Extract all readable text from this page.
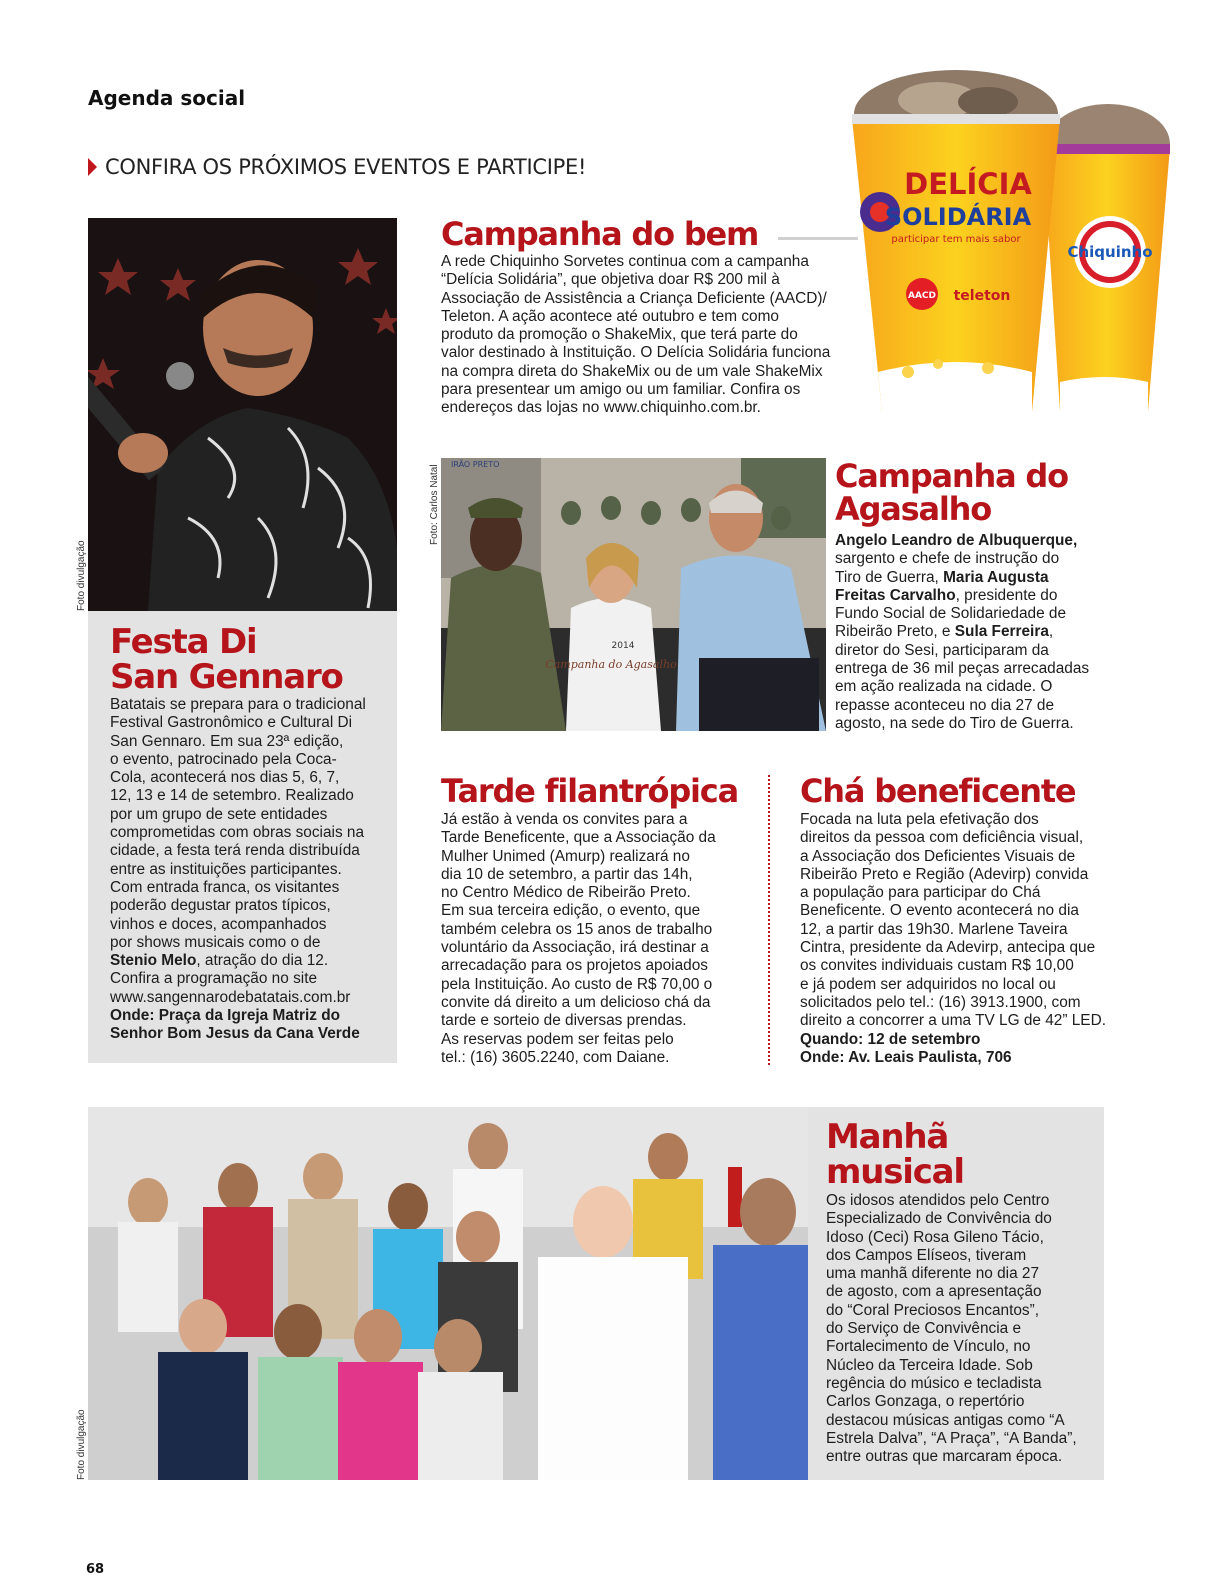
Agenda social
CONFIRA OS PRÓXIMOS EVENTOS E PARTICIPE!
Campanha do bem
A rede Chiquinho Sorvetes continua com a campanha
“Delícia Solidária”, que objetiva doar R$ 200 mil à
Associação de Assistência a Criança Deficiente (AACD)/
Teleton. A ação acontece até outubro e tem como
produto da promoção o ShakeMix, que terá parte do
valor destinado à Instituição. O Delícia Solidária funciona
na compra direta do ShakeMix ou de um vale ShakeMix
para presentear um amigo ou um familiar. Confira os
endereços das lojas no www.chiquinho.com.br.
Chiquinho
DELÍCIA
SOLIDÁRIA
participar tem mais sabor
AACD teleton
Foto divulgação
Festa Di
San Gennaro
Batatais se prepara para o tradicional
Festival Gastronômico e Cultural Di
San Gennaro. Em sua 23ª edição,
o evento, patrocinado pela Coca-
Cola, acontecerá nos dias 5, 6, 7,
12, 13 e 14 de setembro. Realizado
por um grupo de sete entidades
comprometidas com obras sociais na
cidade, a festa terá renda distribuída
entre as instituições participantes.
Com entrada franca, os visitantes
poderão degustar pratos típicos,
vinhos e doces, acompanhados
por shows musicais como o de
Stenio Melo, atração do dia 12.
Confira a programação no site
www.sangennarodebatatais.com.br
Onde: Praça da Igreja Matriz do
Senhor Bom Jesus da Cana Verde
IRÃO PRETO
Campanha do Agasalho
2014
Foto: Carlos Natal	Campanha do
Agasalho
Angelo Leandro de Albuquerque,
sargento e chefe de instrução do
Tiro de Guerra, Maria Augusta
Freitas Carvalho, presidente do
Fundo Social de Solidariedade de
Ribeirão Preto, e Sula Ferreira,
diretor do Sesi, participaram da
entrega de 36 mil peças arrecadadas
em ação realizada na cidade. O
repasse aconteceu no dia 27 de
agosto, na sede do Tiro de Guerra.
Tarde filantrópica
Já estão à venda os convites para a
Tarde Beneficente, que a Associação da
Mulher Unimed (Amurp) realizará no
dia 10 de setembro, a partir das 14h,
no Centro Médico de Ribeirão Preto.
Em sua terceira edição, o evento, que
também celebra os 15 anos de trabalho
voluntário da Associação, irá destinar a
arrecadação para os projetos apoiados
pela Instituição. Ao custo de R$ 70,00 o
convite dá direito a um delicioso chá da
tarde e sorteio de diversas prendas.
As reservas podem ser feitas pelo
tel.: (16) 3605.2240, com Daiane.
Chá beneficente
Focada na luta pela efetivação dos
direitos da pessoa com deficiência visual,
a Associação dos Deficientes Visuais de
Ribeirão Preto e Região (Adevirp) convida
a população para participar do Chá
Beneficente. O evento acontecerá no dia
12, a partir das 19h30. Marlene Taveira
Cintra, presidente da Adevirp, antecipa que
os convites individuais custam R$ 10,00
e já podem ser adquiridos no local ou
solicitados pelo tel.: (16) 3913.1900, com
direito a concorrer a uma TV LG de 42” LED.
Quando: 12 de setembro
Onde: Av. Leais Paulista, 706
Foto divulgação
Manhã
musical
Os idosos atendidos pelo Centro
Especializado de Convivência do
Idoso (Ceci) Rosa Gileno Tácio,
dos Campos Elíseos, tiveram
uma manhã diferente no dia 27
de agosto, com a apresentação
do “Coral Preciosos Encantos”,
do Serviço de Convivência e
Fortalecimento de Vínculo, no
Núcleo da Terceira Idade. Sob
regência do músico e tecladista
Carlos Gonzaga, o repertório
destacou músicas antigas como “A
Estrela Dalva”, “A Praça”, “A Banda”,
entre outras que marcaram época.
68
